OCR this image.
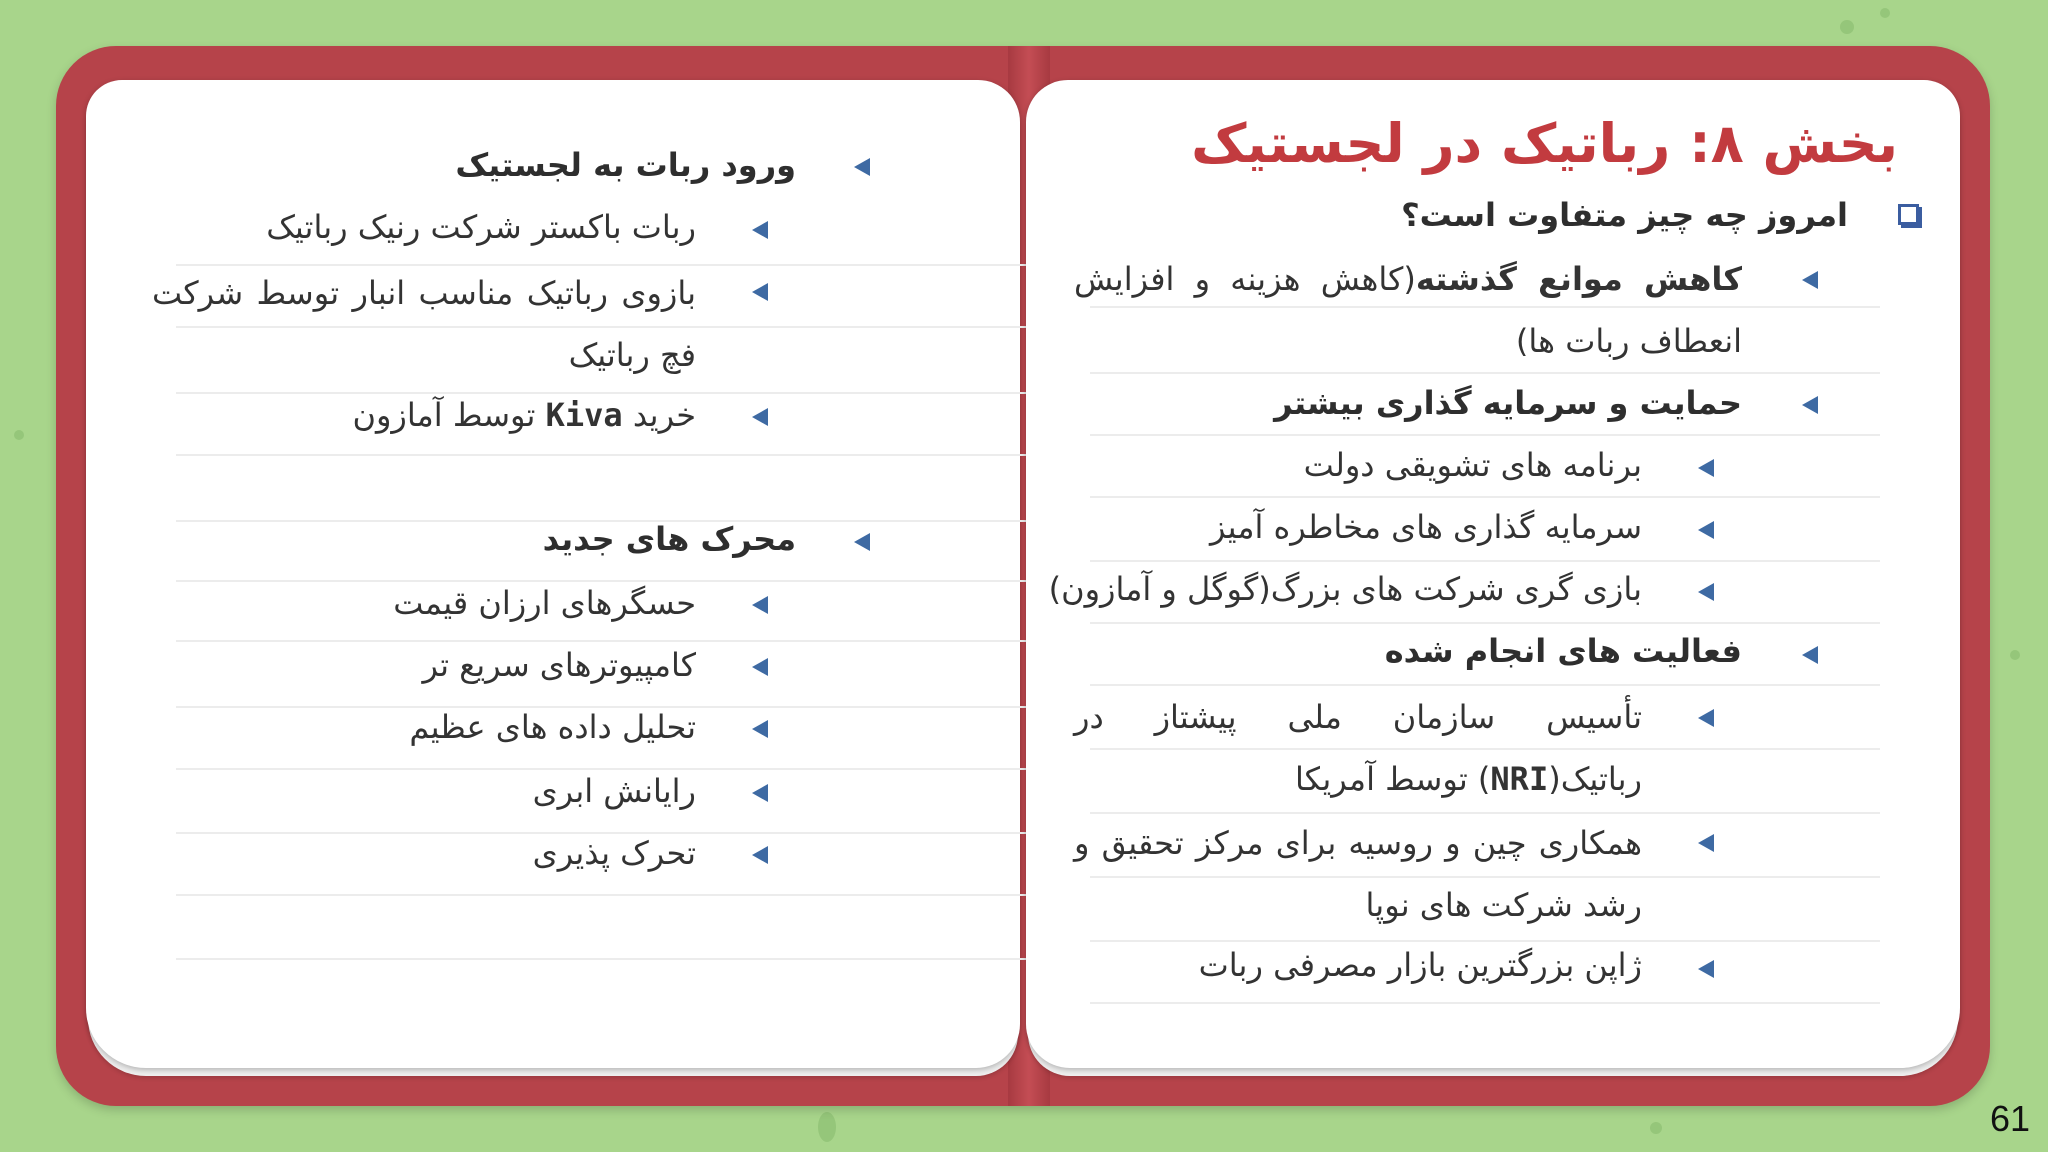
ورود ربات به لجستیک
ربات باکستر شرکت رنیک رباتیک
بازوی رباتیک مناسب انبار توسط شرکت فچ رباتیک
خرید Kiva توسط آمازون
محرک های جدید
حسگرهای ارزان قیمت
کامپیوترهای سریع تر
تحلیل داده های عظیم
رایانش ابری
تحرک پذیری
بخش ۸: رباتیک در لجستیک
امروز چه چیز متفاوت است؟
کاهش موانع گذشته(کاهش هزینه و افزایش انعطاف ربات ها)
حمایت و سرمایه گذاری بیشتر
برنامه های تشویقی دولت
سرمایه گذاری های مخاطره آمیز
بازی گری شرکت های بزرگ(گوگل و آمازون)
فعالیت های انجام شده
تأسیس سازمان ملی پیشتاز در رباتیک(NRI) توسط آمریکا
همکاری چین و روسیه برای مرکز تحقیق و رشد شرکت های نوپا
ژاپن بزرگترین بازار مصرفی ربات
61
